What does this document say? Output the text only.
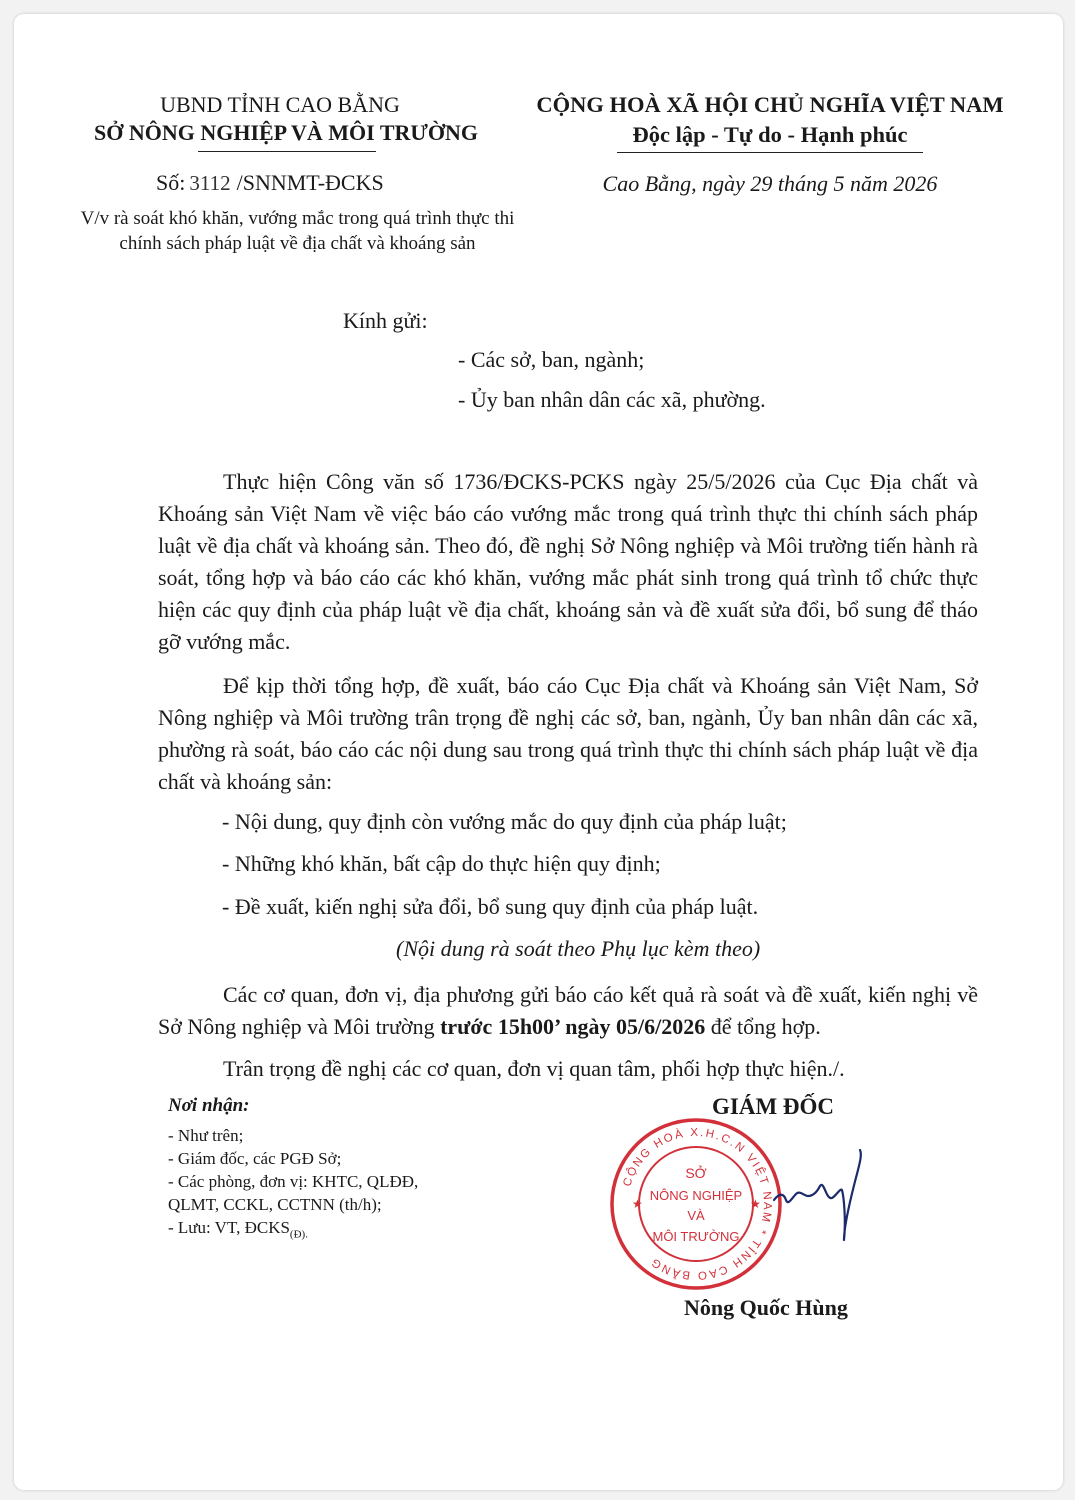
UBND TỈNH CAO BẰNG
SỞ NÔNG NGHIỆP VÀ MÔI TRƯỜNG
Số: 3112 /SNNMT-ĐCKS
V/v rà soát khó khăn, vướng mắc trong quá trình thực thi chính sách pháp luật về địa chất và khoáng sản
CỘNG HOÀ XÃ HỘI CHỦ NGHĨA VIỆT NAM
Độc lập - Tự do - Hạnh phúc
Cao Bằng, ngày 29 tháng 5 năm 2026
Kính gửi:
- Các sở, ban, ngành;
- Ủy ban nhân dân các xã, phường.
Thực hiện Công văn số 1736/ĐCKS-PCKS ngày 25/5/2026 của Cục Địa chất và Khoáng sản Việt Nam về việc báo cáo vướng mắc trong quá trình thực thi chính sách pháp luật về địa chất và khoáng sản. Theo đó, đề nghị Sở Nông nghiệp và Môi trường tiến hành rà soát, tổng hợp và báo cáo các khó khăn, vướng mắc phát sinh trong quá trình tổ chức thực hiện các quy định của pháp luật về địa chất, khoáng sản và đề xuất sửa đổi, bổ sung để tháo gỡ vướng mắc.
Để kịp thời tổng hợp, đề xuất, báo cáo Cục Địa chất và Khoáng sản Việt Nam, Sở Nông nghiệp và Môi trường trân trọng đề nghị các sở, ban, ngành, Ủy ban nhân dân các xã, phường rà soát, báo cáo các nội dung sau trong quá trình thực thi chính sách pháp luật về địa chất và khoáng sản:
- Nội dung, quy định còn vướng mắc do quy định của pháp luật;
- Những khó khăn, bất cập do thực hiện quy định;
- Đề xuất, kiến nghị sửa đổi, bổ sung quy định của pháp luật.
(Nội dung rà soát theo Phụ lục kèm theo)
Các cơ quan, đơn vị, địa phương gửi báo cáo kết quả rà soát và đề xuất, kiến nghị về Sở Nông nghiệp và Môi trường trước 15h00’ ngày 05/6/2026 để tổng hợp.
Trân trọng đề nghị các cơ quan, đơn vị quan tâm, phối hợp thực hiện./.
Nơi nhận:
- Như trên;
- Giám đốc, các PGĐ Sở;
- Các phòng, đơn vị: KHTC, QLĐĐ,
QLMT, CCKL, CCTNN (th/h);
- Lưu: VT, $ĐCKS_{(Đ).}$
GIÁM ĐỐC
CỘNG HOÀ X.H.C.N VIỆT NAM * TỈNH CAO BẰNG
SỞ
NÔNG NGHIỆP
VÀ
MÔI TRƯỜNG
★	★
Nông Quốc Hùng
